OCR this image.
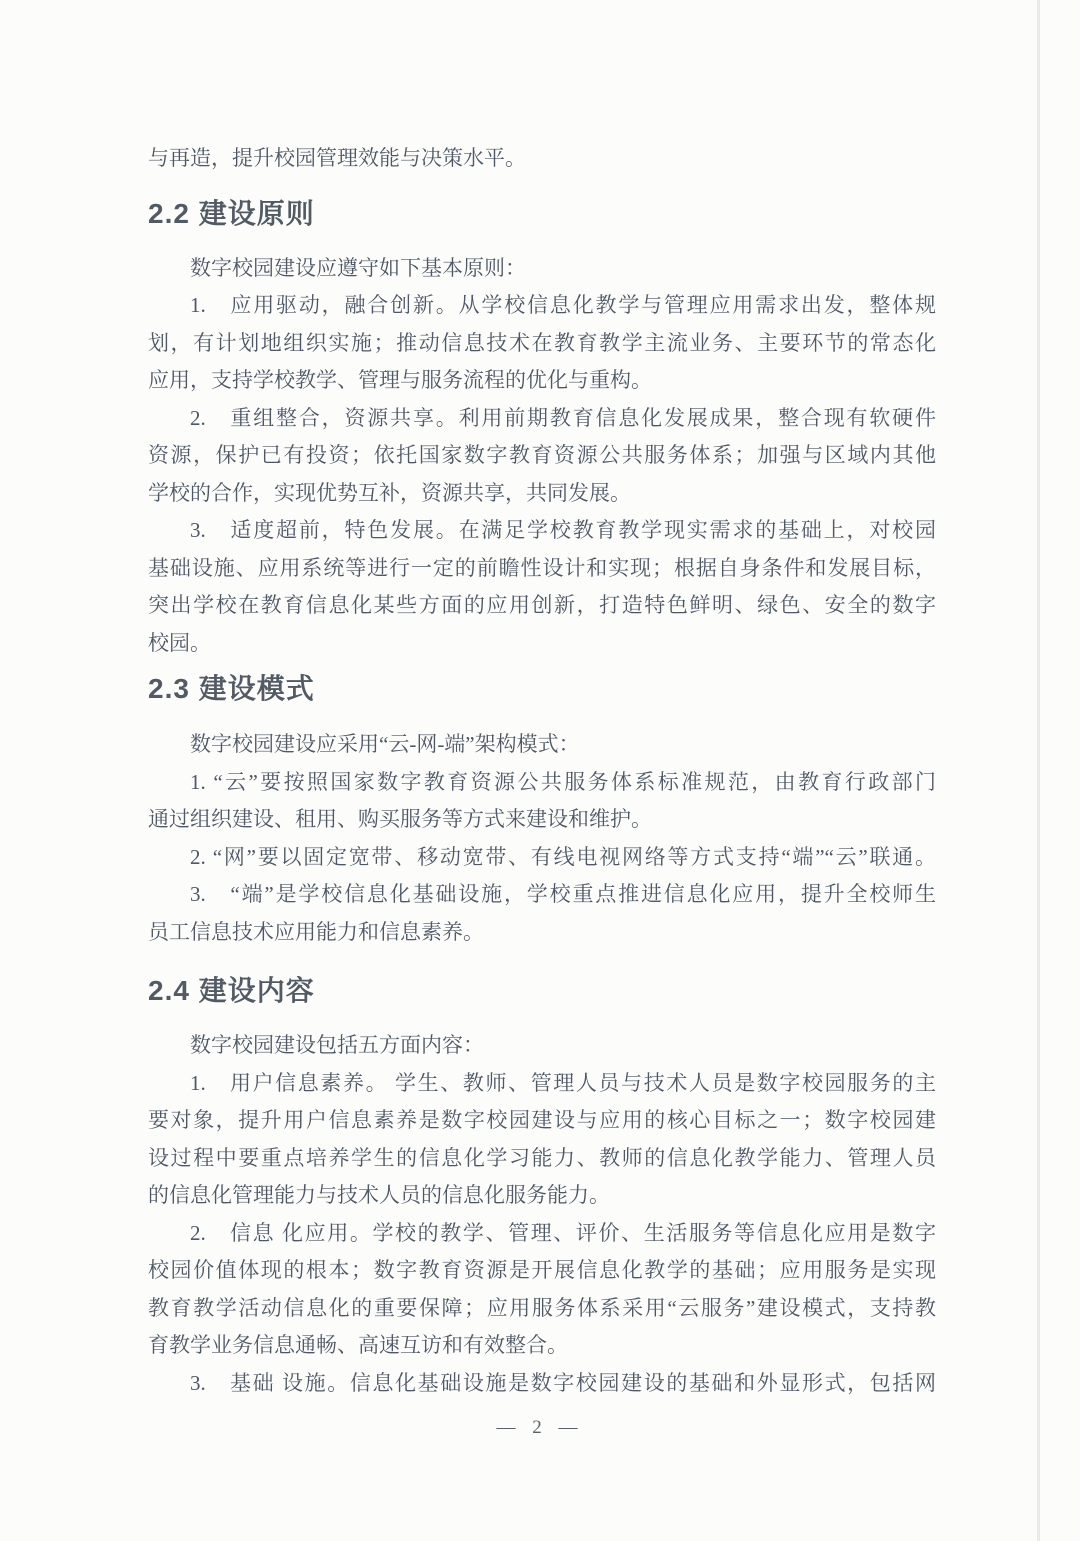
与再造，提升校园管理效能与决策水平。
2.2 建设原则
数字校园建设应遵守如下基本原则：
1.　应用驱动，融合创新。从学校信息化教学与管理应用需求出发，整体规
划，有计划地组织实施；推动信息技术在教育教学主流业务、主要环节的常态化
应用，支持学校教学、管理与服务流程的优化与重构。
2.　重组整合，资源共享。利用前期教育信息化发展成果，整合现有软硬件
资源，保护已有投资；依托国家数字教育资源公共服务体系；加强与区域内其他
学校的合作，实现优势互补，资源共享，共同发展。
3.　适度超前，特色发展。在满足学校教育教学现实需求的基础上，对校园
基础设施、应用系统等进行一定的前瞻性设计和实现；根据自身条件和发展目标，
突出学校在教育信息化某些方面的应用创新，打造特色鲜明、绿色、安全的数字
校园。
2.3 建设模式
数字校园建设应采用“云-网-端”架构模式：
1. “云”要按照国家数字教育资源公共服务体系标准规范，由教育行政部门
通过组织建设、租用、购买服务等方式来建设和维护。
2. “网”要以固定宽带、移动宽带、有线电视网络等方式支持“端”“云”联通。
3.　“端”是学校信息化基础设施，学校重点推进信息化应用，提升全校师生
员工信息技术应用能力和信息素养。
2.4 建设内容
数字校园建设包括五方面内容：
1.　用户信息素养。 学生、教师、管理人员与技术人员是数字校园服务的主
要对象，提升用户信息素养是数字校园建设与应用的核心目标之一；数字校园建
设过程中要重点培养学生的信息化学习能力、教师的信息化教学能力、管理人员
的信息化管理能力与技术人员的信息化服务能力。
2.　信息 化应用。学校的教学、管理、评价、生活服务等信息化应用是数字
校园价值体现的根本；数字教育资源是开展信息化教学的基础；应用服务是实现
教育教学活动信息化的重要保障；应用服务体系采用“云服务”建设模式，支持教
育教学业务信息通畅、高速互访和有效整合。
3.　基础 设施。信息化基础设施是数字校园建设的基础和外显形式，包括网
— 2 —
